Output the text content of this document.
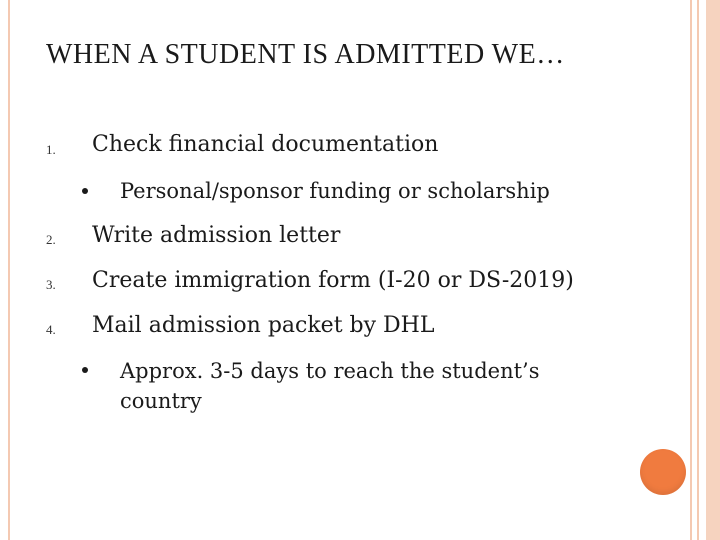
WHEN A STUDENT IS ADMITTED WE…
1. Check financial documentation
Personal/sponsor funding or scholarship
2. Write admission letter
3. Create immigration form (I-20 or DS-2019)
4. Mail admission packet by DHL
Approx. 3-5 days to reach the student’s country
